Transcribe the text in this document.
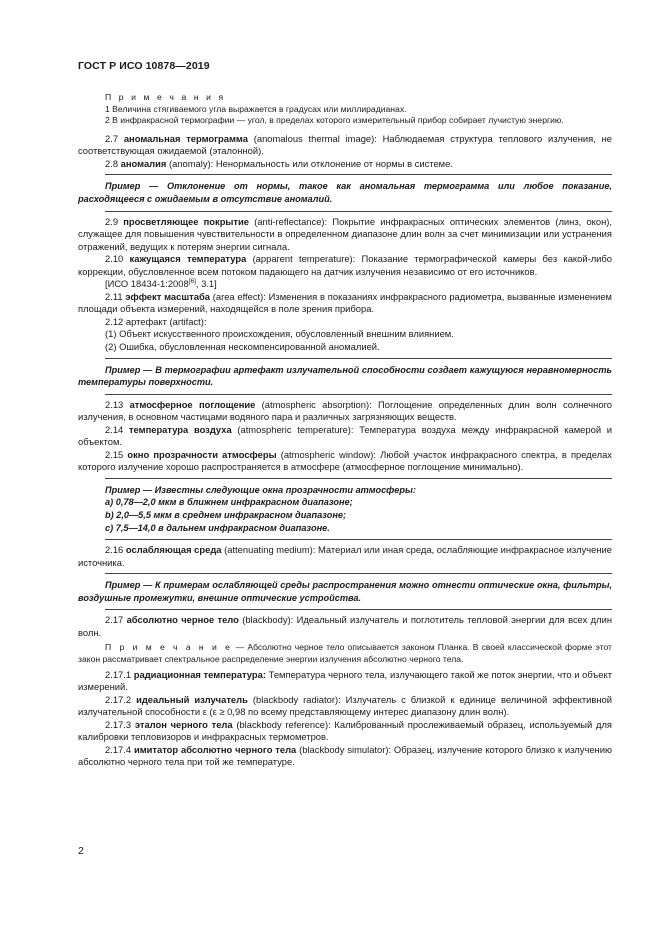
ГОСТ Р ИСО 10878—2019

П р и м е ч а н и я

1 Величина стягиваемого угла выражается в градусах или миллирадианах.

2 В инфракрасной термографии — угол, в пределах которого измерительный прибор собирает лучистую энергию.

2.7 аномальная термограмма (anomalous thermal image): Наблюдаемая структура теплового излучения, не соответствующая ожидаемой (эталонной).

2.8 аномалия (anomaly): Ненормальность или отклонение от нормы в системе.

Пример — Отклонение от нормы, такое как аномальная термограмма или любое показание, расходящееся с ожидаемым в отсутствие аномалий.

2.9 просветляющее покрытие (anti-reflectance): Покрытие инфракрасных оптических элементов (линз, окон), служащее для повышения чувствительности в определенном диапазоне длин волн за счет минимизации или устранения отражений, ведущих к потерям энергии сигнала.

2.10 кажущаяся температура (apparent temperature): Показание термографической камеры без какой-либо коррекции, обусловленное всем потоком падающего на датчик излучения независимо от его источников.

[ИСО 18434-1:2008[6], 3.1]

2.11 эффект масштаба (area effect): Изменения в показаниях инфракрасного радиометра, вызванные изменением площади объекта измерений, находящейся в поле зрения прибора.

2.12 артефакт (artifact):

(1) Объект искусственного происхождения, обусловленный внешним влиянием.

(2) Ошибка, обусловленная нескомпенсированной аномалией.

Пример — В термографии артефакт излучательной способности создает кажущуюся неравномерность температуры поверхности.

2.13 атмосферное поглощение (atmospheric absorption): Поглощение определенных длин волн солнечного излучения, в основном частицами водяного пара и различных загрязняющих веществ.

2.14 температура воздуха (atmospheric temperature): Температура воздуха между инфракрасной камерой и объектом.

2.15 окно прозрачности атмосферы (atmospheric window): Любой участок инфракрасного спектра, в пределах которого излучение хорошо распространяется в атмосфере (атмосферное поглощение минимально).

Пример — Известны следующие окна прозрачности атмосферы:

a) 0,78—2,0 мкм в ближнем инфракрасном диапазоне;

b) 2,0—5,5 мкм в среднем инфракрасном диапазоне;

c) 7,5—14,0 в дальнем инфракрасном диапазоне.

2.16 ослабляющая среда (attenuating medium): Материал или иная среда, ослабляющие инфракрасное излучение источника.

Пример — К примерам ослабляющей среды распространения можно отнести оптические окна, фильтры, воздушные промежутки, внешние оптические устройства.

2.17 абсолютно черное тело (blackbody): Идеальный излучатель и поглотитель тепловой энергии для всех длин волн.

П р и м е ч а н и е — Абсолютно черное тело описывается законом Планка. В своей классической форме этот закон рассматривает спектральное распределение энергии излучения абсолютно черного тела.

2.17.1 радиационная температура: Температура черного тела, излучающего такой же поток энергии, что и объект измерений.

2.17.2 идеальный излучатель (blackbody radiator): Излучатель с близкой к единице величиной эффективной излучательной способности ε (ε ≥ 0,98 по всему представляющему интерес диапазону длин волн).

2.17.3 эталон черного тела (blackbody reference): Калиброванный прослеживаемый образец, используемый для калибровки тепловизоров и инфракрасных термометров.

2.17.4 имитатор абсолютно черного тела (blackbody simulator): Образец, излучение которого близко к излучению абсолютно черного тела при той же температуре.

2
